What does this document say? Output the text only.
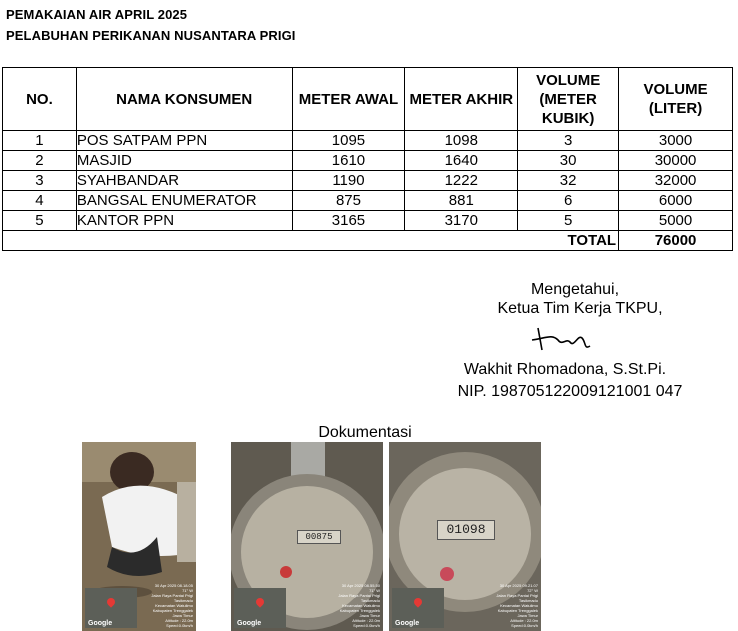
PEMAKAIAN AIR APRIL 2025
PELABUHAN PERIKANAN NUSANTARA PRIGI
NO.	NAMA KONSUMEN	METER AWAL	METER AKHIR	VOLUME (METER KUBIK)	VOLUME (LITER)
1	POS SATPAM PPN	1095	1098	3	3000
2	MASJID	1610	1640	30	30000
3	SYAHBANDAR	1190	1222	32	32000
4	BANGSAL ENUMERATOR	875	881	6	6000
5	KANTOR PPN	3165	3170	5	5000
				TOTAL	76000
Mengetahui,
Ketua Tim Kerja TKPU,
Wakhit Rhomadona, S.St.Pi.
NIP. 198705122009121001 047
Dokumentasi
Google
30 Apr 2025 08.18.05
71° W
Jalan Raya Pantai Prigi
Tasikmadu
Kecamatan Watulimo
Kabupaten Trenggalek
Jawa Timur
Altitude : 22.0m
Speed:0.0km/h
00875
Google
30 Apr 2025 08.55.50
71° W
Jalan Raya Pantai Prigi
Tasikmadu
Kecamatan Watulimo
Kabupaten Trenggalek
Jawa Timur
Altitude : 22.0m
Speed:0.0km/h
01098
Google
30 Apr 2025 09.21.07
72° W
Jalan Raya Pantai Prigi
Tasikmadu
Kecamatan Watulimo
Kabupaten Trenggalek
Jawa Timur
Altitude : 22.0m
Speed:0.0km/h
